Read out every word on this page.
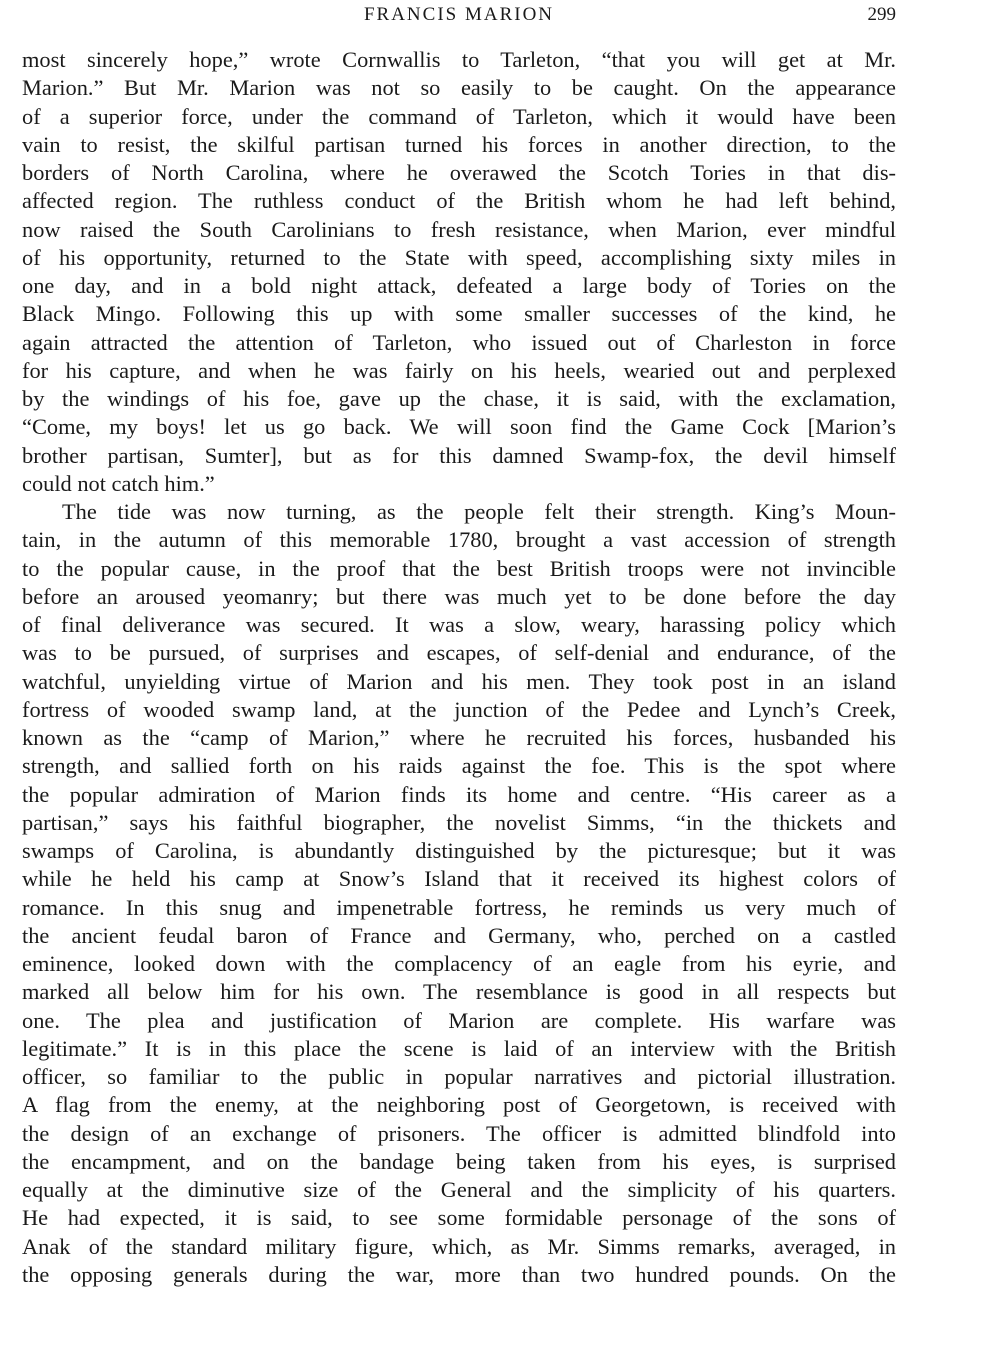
FRANCIS MARION	299
most sincerely hope,” wrote Cornwallis to Tarleton, “that you will get at Mr.
Marion.” But Mr. Marion was not so easily to be caught. On the appearance
of a superior force, under the command of Tarleton, which it would have been
vain to resist, the skilful partisan turned his forces in another direction, to the
borders of North Carolina, where he overawed the Scotch Tories in that dis-
affected region. The ruthless conduct of the British whom he had left behind,
now raised the South Carolinians to fresh resistance, when Marion, ever mindful
of his opportunity, returned to the State with speed, accomplishing sixty miles in
one day, and in a bold night attack, defeated a large body of Tories on the
Black Mingo. Following this up with some smaller successes of the kind, he
again attracted the attention of Tarleton, who issued out of Charleston in force
for his capture, and when he was fairly on his heels, wearied out and perplexed
by the windings of his foe, gave up the chase, it is said, with the exclamation,
“Come, my boys! let us go back. We will soon find the Game Cock [Marion’s
brother partisan, Sumter], but as for this damned Swamp-fox, the devil himself
could not catch him.”
The tide was now turning, as the people felt their strength. King’s Moun-
tain, in the autumn of this memorable 1780, brought a vast accession of strength
to the popular cause, in the proof that the best British troops were not invincible
before an aroused yeomanry; but there was much yet to be done before the day
of final deliverance was secured. It was a slow, weary, harassing policy which
was to be pursued, of surprises and escapes, of self-denial and endurance, of the
watchful, unyielding virtue of Marion and his men. They took post in an island
fortress of wooded swamp land, at the junction of the Pedee and Lynch’s Creek,
known as the “camp of Marion,” where he recruited his forces, husbanded his
strength, and sallied forth on his raids against the foe. This is the spot where
the popular admiration of Marion finds its home and centre. “His career as a
partisan,” says his faithful biographer, the novelist Simms, “in the thickets and
swamps of Carolina, is abundantly distinguished by the picturesque; but it was
while he held his camp at Snow’s Island that it received its highest colors of
romance. In this snug and impenetrable fortress, he reminds us very much of
the ancient feudal baron of France and Germany, who, perched on a castled
eminence, looked down with the complacency of an eagle from his eyrie, and
marked all below him for his own. The resemblance is good in all respects but
one. The plea and justification of Marion are complete. His warfare was
legitimate.” It is in this place the scene is laid of an interview with the British
officer, so familiar to the public in popular narratives and pictorial illustration.
A flag from the enemy, at the neighboring post of Georgetown, is received with
the design of an exchange of prisoners. The officer is admitted blindfold into
the encampment, and on the bandage being taken from his eyes, is surprised
equally at the diminutive size of the General and the simplicity of his quarters.
He had expected, it is said, to see some formidable personage of the sons of
Anak of the standard military figure, which, as Mr. Simms remarks, averaged, in
the opposing generals during the war, more than two hundred pounds. On the
